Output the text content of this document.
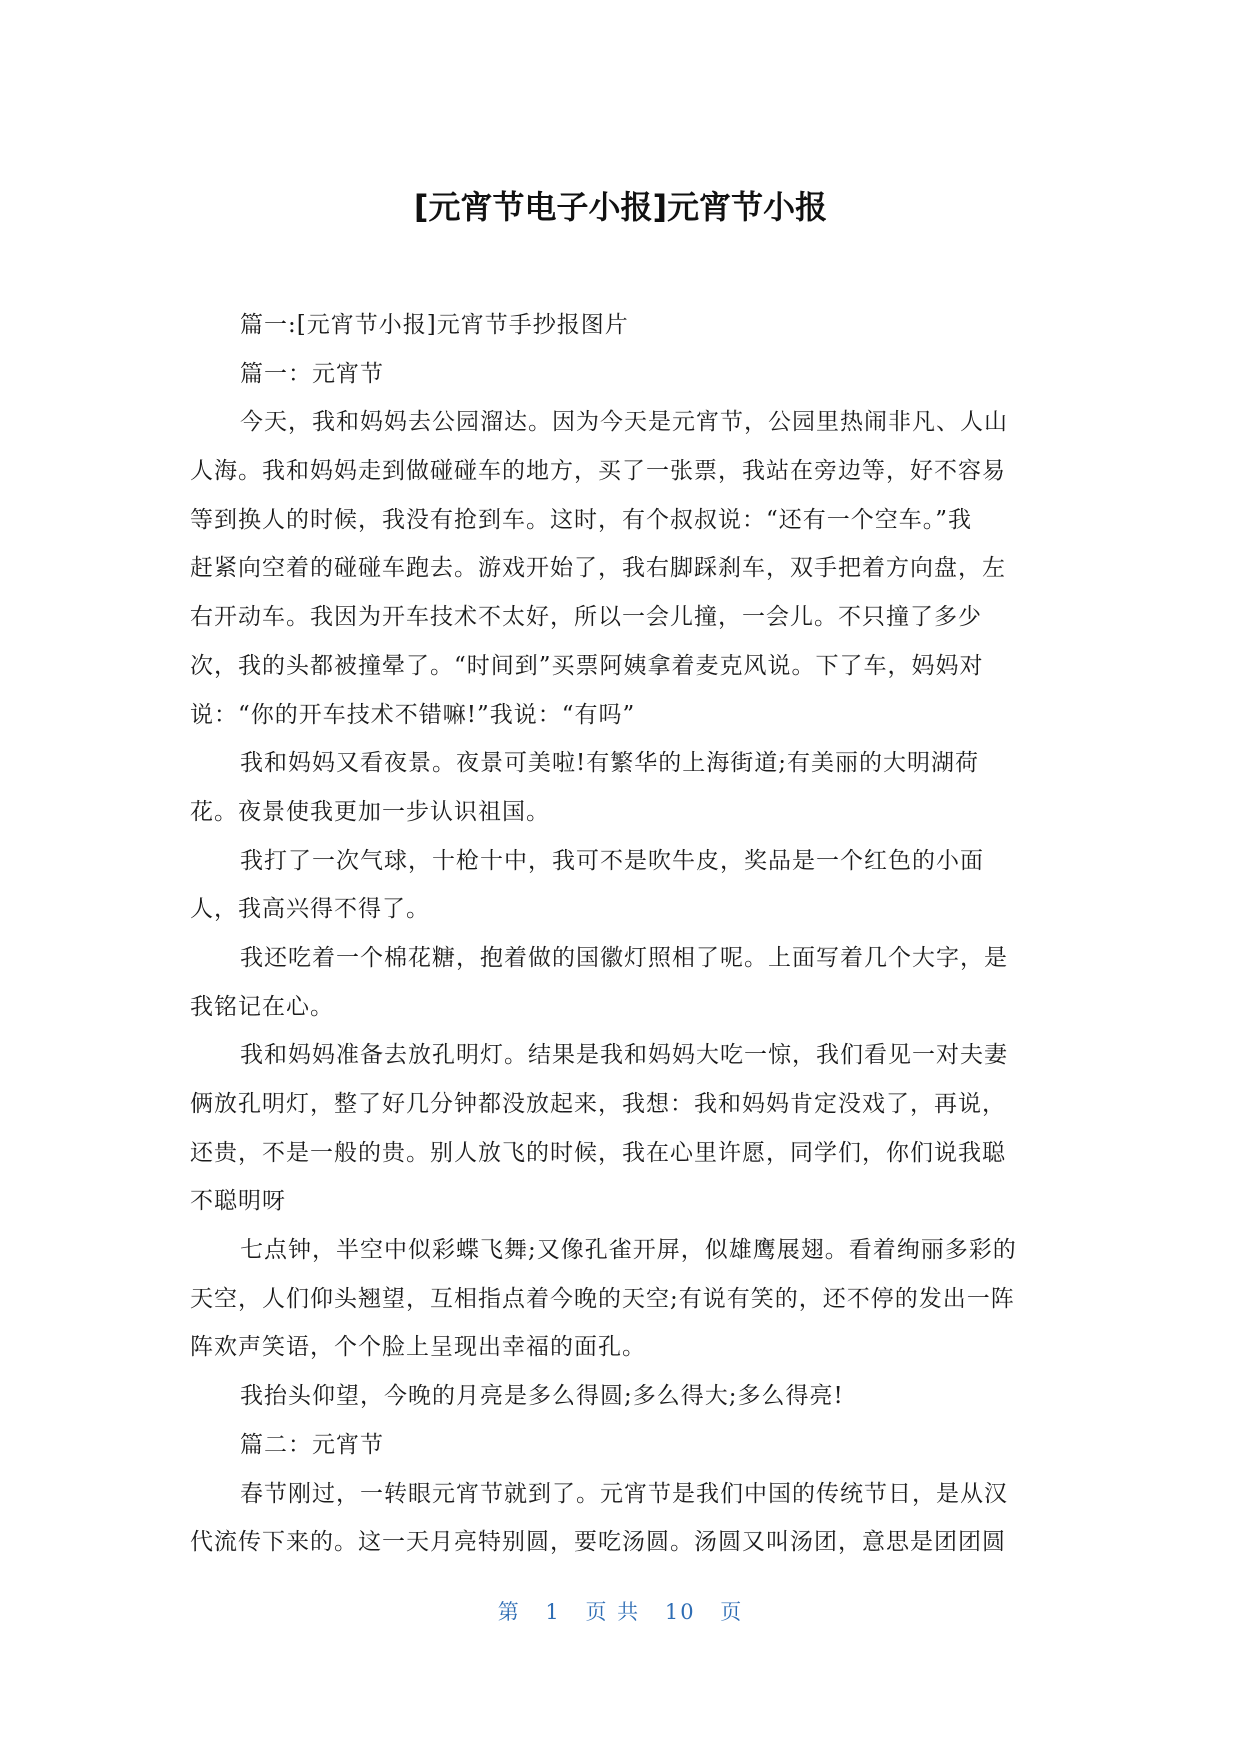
[元宵节电子小报]元宵节小报
篇一:[元宵节小报]元宵节手抄报图片
篇一：元宵节
今天，我和妈妈去公园溜达。因为今天是元宵节，公园里热闹非凡、人山
人海。我和妈妈走到做碰碰车的地方，买了一张票，我站在旁边等，好不容易
等到换人的时候，我没有抢到车。这时，有个叔叔说：“还有一个空车。”我
赶紧向空着的碰碰车跑去。游戏开始了，我右脚踩刹车，双手把着方向盘，左
右开动车。我因为开车技术不太好，所以一会儿撞，一会儿。不只撞了多少
次，我的头都被撞晕了。“时间到”买票阿姨拿着麦克风说。下了车，妈妈对
说：“你的开车技术不错嘛!”我说：“有吗”
我和妈妈又看夜景。夜景可美啦!有繁华的上海街道;有美丽的大明湖荷
花。夜景使我更加一步认识祖国。
我打了一次气球，十枪十中，我可不是吹牛皮，奖品是一个红色的小面
人，我高兴得不得了。
我还吃着一个棉花糖，抱着做的国徽灯照相了呢。上面写着几个大字，是
我铭记在心。
我和妈妈准备去放孔明灯。结果是我和妈妈大吃一惊，我们看见一对夫妻
俩放孔明灯，整了好几分钟都没放起来，我想：我和妈妈肯定没戏了，再说，
还贵，不是一般的贵。别人放飞的时候，我在心里许愿，同学们，你们说我聪
不聪明呀
七点钟，半空中似彩蝶飞舞;又像孔雀开屏，似雄鹰展翅。看着绚丽多彩的
天空，人们仰头翘望，互相指点着今晚的天空;有说有笑的，还不停的发出一阵
阵欢声笑语，个个脸上呈现出幸福的面孔。
我抬头仰望，今晚的月亮是多么得圆;多么得大;多么得亮!
篇二：元宵节
春节刚过，一转眼元宵节就到了。元宵节是我们中国的传统节日，是从汉
代流传下来的。这一天月亮特别圆，要吃汤圆。汤圆又叫汤团，意思是团团圆
第 1 页 共 10 页
